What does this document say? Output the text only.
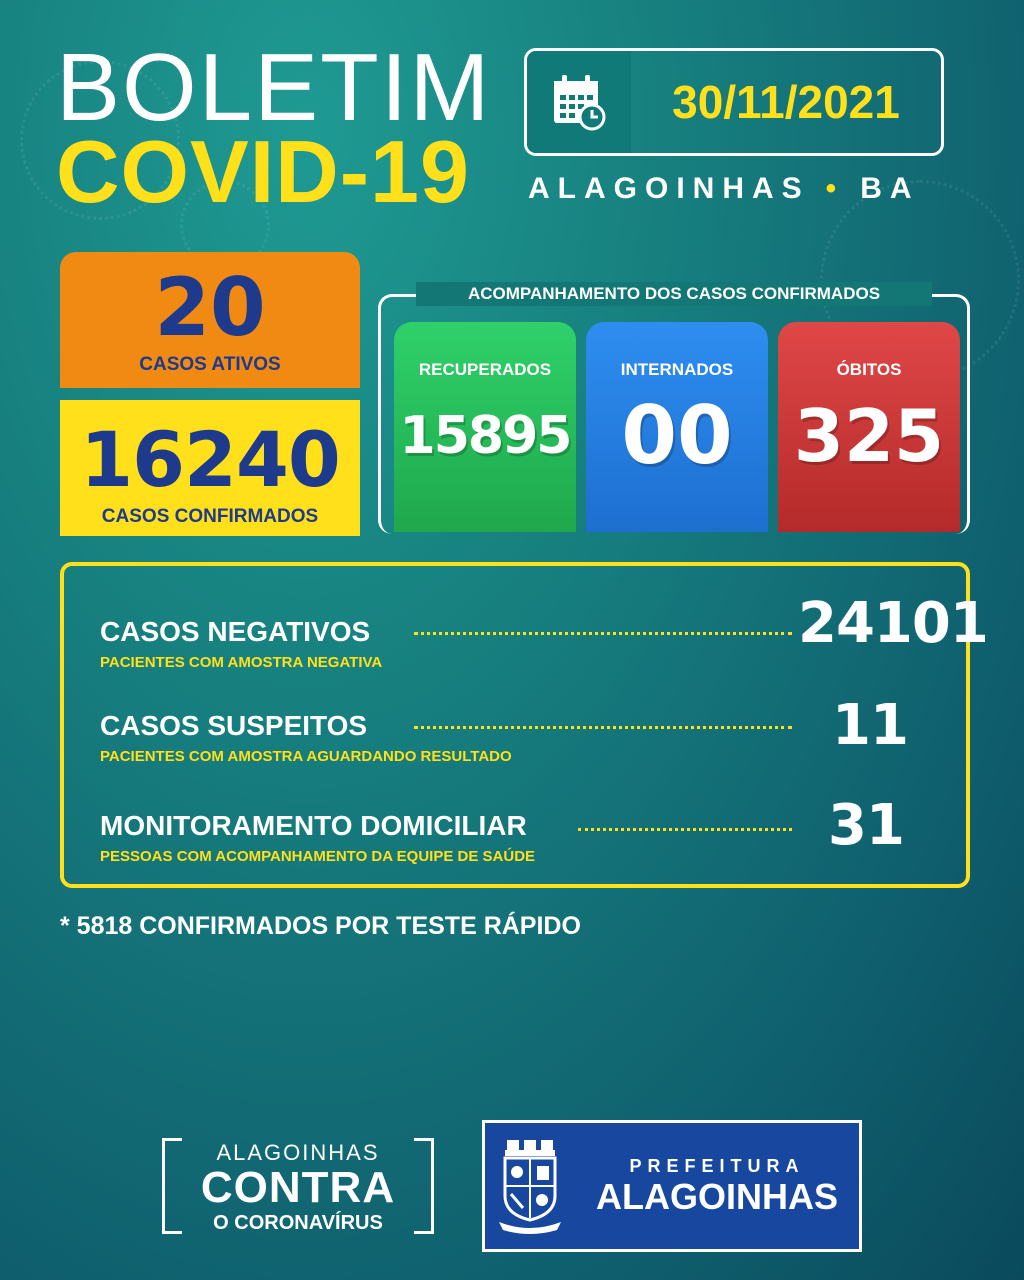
BOLETIM
COVID-19
30/11/2021
ALAGOINHAS • BA
20
CASOS ATIVOS
16240
CASOS CONFIRMADOS
ACOMPANHAMENTO DOS CASOS CONFIRMADOS
RECUPERADOS
15895
INTERNADOS
00
ÓBITOS
325
CASOS NEGATIVOS
PACIENTES COM AMOSTRA NEGATIVA
24101
CASOS SUSPEITOS
PACIENTES COM AMOSTRA AGUARDANDO RESULTADO	11
MONITORAMENTO DOMICILIAR
PESSOAS COM ACOMPANHAMENTO DA EQUIPE DE SAÚDE	31
* 5818 CONFIRMADOS POR TESTE RÁPIDO
ALAGOINHAS
CONTRA
O CORONAVÍRUS
PREFEITURA
ALAGOINHAS
